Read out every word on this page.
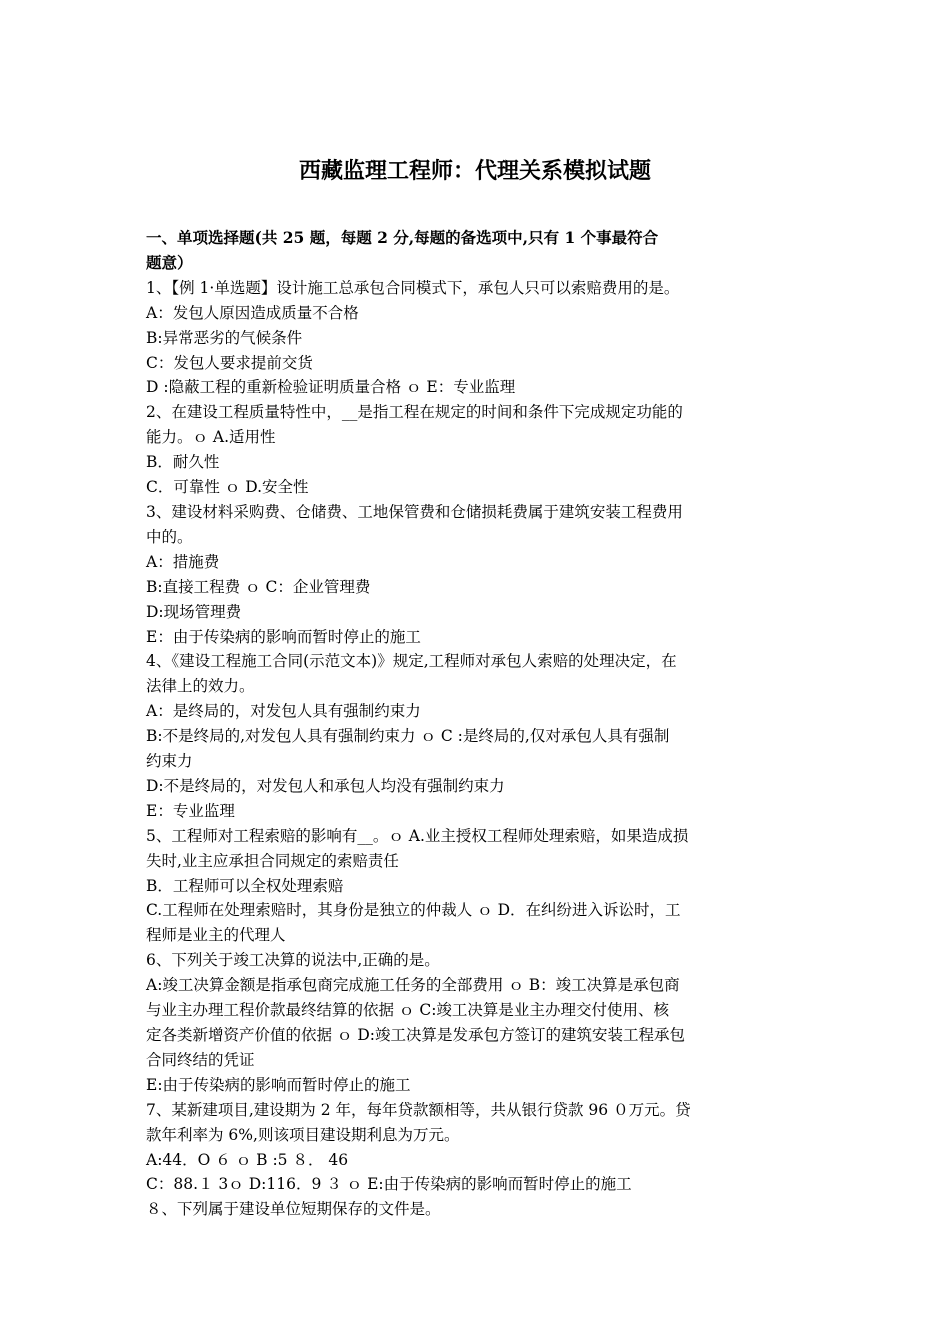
西藏监理工程师：代理关系模拟试题

一、单项选择题(共 25 题，每题 2 分,每题的备选项中,只有 1 个事最符合

题意）

1、【例 1·单选题】设计施工总承包合同模式下，承包人只可以索赔费用的是。

A：发包人原因造成质量不合格

B:异常恶劣的气候条件

C：发包人要求提前交货

D :隐蔽工程的重新检验证明质量合格 ｏ E：专业监理

2、在建设工程质量特性中，__是指工程在规定的时间和条件下完成规定功能的

能力。ｏ A.适用性

B．耐久性

C．可靠性 ｏ D.安全性

3、建设材料采购费、仓储费、工地保管费和仓储损耗费属于建筑安装工程费用

中的。

A：措施费

B:直接工程费 ｏ C：企业管理费

D:现场管理费

E：由于传染病的影响而暂时停止的施工

4、《建设工程施工合同(示范文本)》规定,工程师对承包人索赔的处理决定，在

法律上的效力。

A：是终局的，对发包人具有强制约束力

B:不是终局的,对发包人具有强制约束力 ｏ C :是终局的,仅对承包人具有强制

约束力

D:不是终局的，对发包人和承包人均没有强制约束力

E：专业监理

5、工程师对工程索赔的影响有__。ｏ A.业主授权工程师处理索赔，如果造成损

失时,业主应承担合同规定的索赔责任

B．工程师可以全权处理索赔

C.工程师在处理索赔时，其身份是独立的仲裁人 ｏ D．在纠纷进入诉讼时，工

程师是业主的代理人

6、下列关于竣工决算的说法中,正确的是。

A:竣工决算金额是指承包商完成施工任务的全部费用 ｏ B：竣工决算是承包商

与业主办理工程价款最终结算的依据 ｏ C:竣工决算是业主办理交付使用、核

定各类新增资产价值的依据 ｏ D:竣工决算是发承包方签订的建筑安装工程承包

合同终结的凭证

E:由于传染病的影响而暂时停止的施工

7、某新建项目,建设期为 2 年，每年贷款额相等，共从银行贷款 96 ０万元。贷

款年利率为 6%,则该项目建设期利息为万元。

A:44．O ６ ｏ B :5 ８． 46

C：88.１ 3ｏ D:116．9 ３ ｏ E:由于传染病的影响而暂时停止的施工

８、下列属于建设单位短期保存的文件是。
